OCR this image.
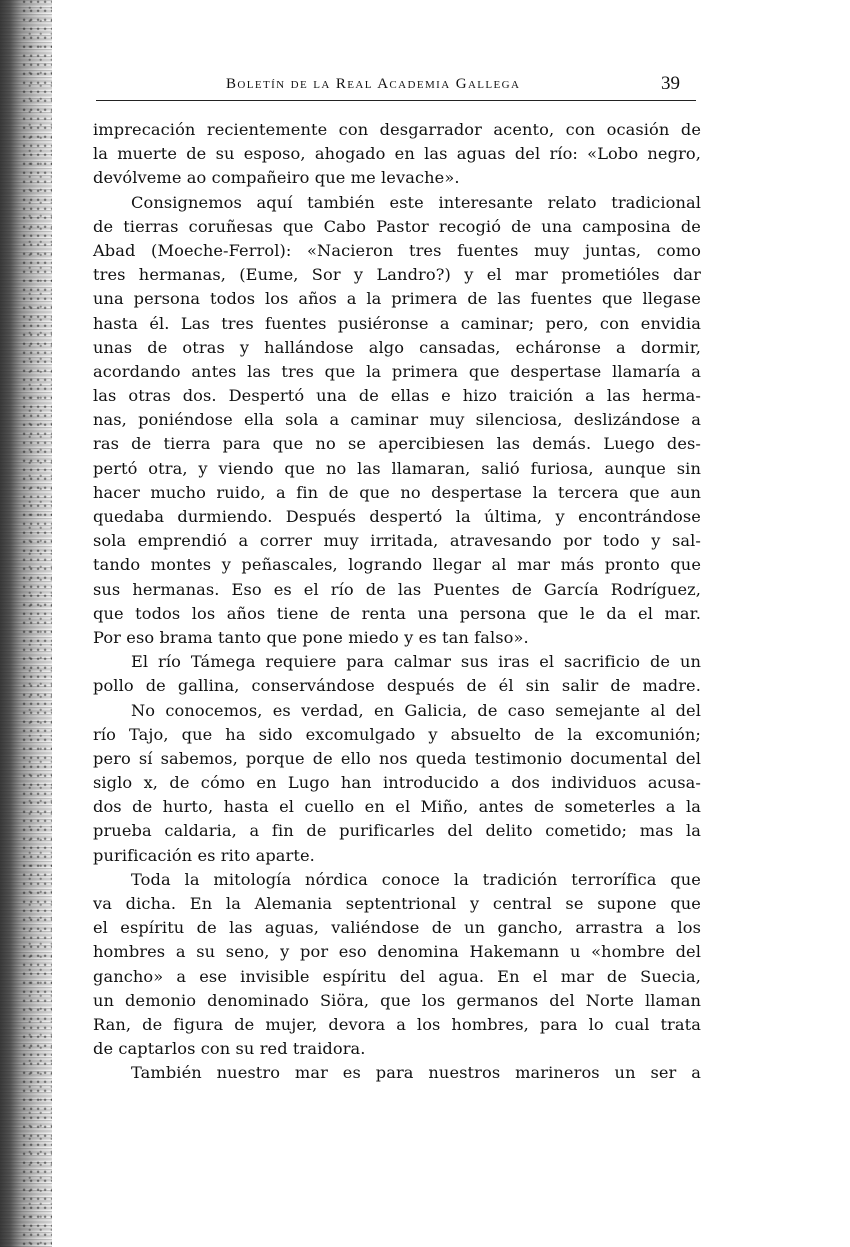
Boletín de la Real Academia Gallega	39
imprecación recientemente con desgarrador acento, con ocasión de
la muerte de su esposo, ahogado en las aguas del río: «Lobo negro,
devólveme ao compañeiro que me levache».
Consignemos aquí también este interesante relato tradicional
de tierras coruñesas que Cabo Pastor recogió de una camposina de
Abad (Moeche-Ferrol): «Nacieron tres fuentes muy juntas, como
tres hermanas, (Eume, Sor y Landro?) y el mar prometióles dar
una persona todos los años a la primera de las fuentes que llegase
hasta él. Las tres fuentes pusiéronse a caminar; pero, con envidia
unas de otras y hallándose algo cansadas, echáronse a dormir,
acordando antes las tres que la primera que despertase llamaría a
las otras dos. Despertó una de ellas e hizo traición a las herma-
nas, poniéndose ella sola a caminar muy silenciosa, deslizándose a
ras de tierra para que no se apercibiesen las demás. Luego des-
pertó otra, y viendo que no las llamaran, salió furiosa, aunque sin
hacer mucho ruido, a fin de que no despertase la tercera que aun
quedaba durmiendo. Después despertó la última, y encontrándose
sola emprendió a correr muy irritada, atravesando por todo y sal-
tando montes y peñascales, logrando llegar al mar más pronto que
sus hermanas. Eso es el río de las Puentes de García Rodríguez,
que todos los años tiene de renta una persona que le da el mar.
Por eso brama tanto que pone miedo y es tan falso».
El río Támega requiere para calmar sus iras el sacrificio de un
pollo de gallina, conservándose después de él sin salir de madre.
No conocemos, es verdad, en Galicia, de caso semejante al del
río Tajo, que ha sido excomulgado y absuelto de la excomunión;
pero sí sabemos, porque de ello nos queda testimonio documental del
siglo x, de cómo en Lugo han introducido a dos individuos acusa-
dos de hurto, hasta el cuello en el Miño, antes de someterles a la
prueba caldaria, a fin de purificarles del delito cometido; mas la
purificación es rito aparte.
Toda la mitología nórdica conoce la tradición terrorífica que
va dicha. En la Alemania septentrional y central se supone que
el espíritu de las aguas, valiéndose de un gancho, arrastra a los
hombres a su seno, y por eso denomina Hakemann u «hombre del
gancho» a ese invisible espíritu del agua. En el mar de Suecia,
un demonio denominado Siöra, que los germanos del Norte llaman
Ran, de figura de mujer, devora a los hombres, para lo cual trata
de captarlos con su red traidora.
También nuestro mar es para nuestros marineros un ser a
